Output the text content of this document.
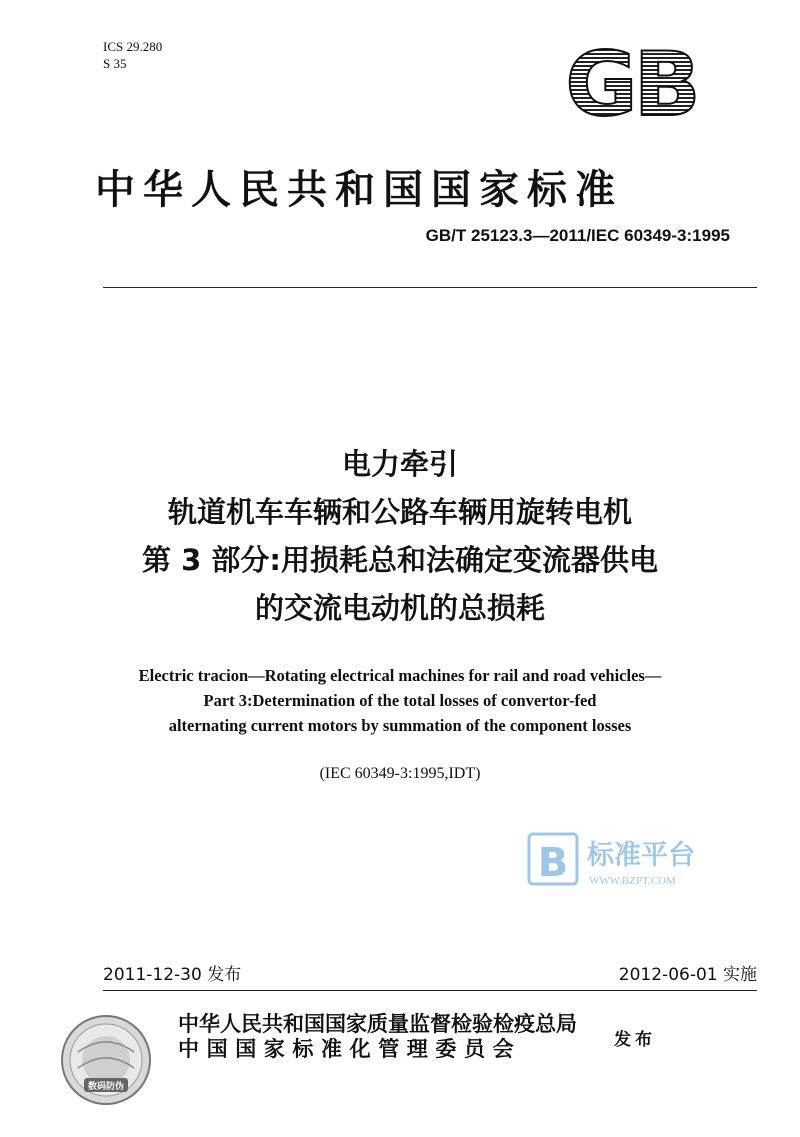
ICS 29.280
S 35	GB
中华人民共和国国家标准
GB/T 25123.3—2011/IEC 60349-3:1995
电力牵引
轨道机车车辆和公路车辆用旋转电机
第 3 部分:用损耗总和法确定变流器供电
的交流电动机的总损耗
Electric tracion—Rotating electrical machines for rail and road vehicles—
Part 3:Determination of the total losses of convertor-fed
alternating current motors by summation of the component losses
(IEC 60349-3:1995,IDT)
B 标准平台
WWW.BZPT.COM
2011-12-30 发布	2012-06-01 实施
数码防伪
中华人民共和国国家质量监督检验检疫总局
中国国家标准化管理委员会	发布
